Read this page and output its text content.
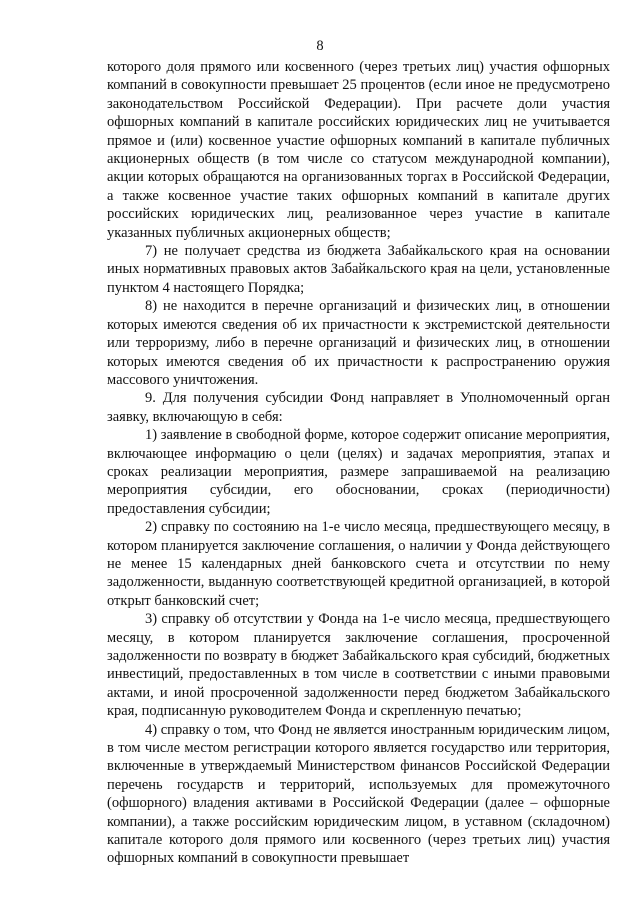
8

которого доля прямого или косвенного (через третьих лиц) участия офшорных компаний в совокупности превышает 25 процентов (если иное не предусмотрено законодательством Российской Федерации). При расчете доли участия офшорных компаний в капитале российских юридических лиц не учитывается прямое и (или) косвенное участие офшорных компаний в капитале публичных акционерных обществ (в том числе со статусом международной компании), акции которых обращаются на организованных торгах в Российской Федерации, а также косвенное участие таких офшорных компаний в капитале других российских юридических лиц, реализованное через участие в капитале указанных публичных акционерных обществ;

7) не получает средства из бюджета Забайкальского края на основании иных нормативных правовых актов Забайкальского края на цели, установленные пунктом 4 настоящего Порядка;

8) не находится в перечне организаций и физических лиц, в отношении которых имеются сведения об их причастности к экстремистской деятельности или терроризму, либо в перечне организаций и физических лиц, в отношении которых имеются сведения об их причастности к распространению оружия массового уничтожения.

9. Для получения субсидии Фонд направляет в Уполномоченный орган заявку, включающую в себя:

1) заявление в свободной форме, которое содержит описание мероприятия, включающее информацию о цели (целях) и задачах мероприятия, этапах и сроках реализации мероприятия, размере запрашиваемой на реализацию мероприятия субсидии, его обосновании, сроках (периодичности) предоставления субсидии;

2) справку по состоянию на 1-е число месяца, предшествующего месяцу, в котором планируется заключение соглашения, о наличии у Фонда действующего не менее 15 календарных дней банковского счета и отсутствии по нему задолженности, выданную соответствующей кредитной организацией, в которой открыт банковский счет;

3) справку об отсутствии у Фонда на 1-е число месяца, предшествующего месяцу, в котором планируется заключение соглашения, просроченной задолженности по возврату в бюджет Забайкальского края субсидий, бюджетных инвестиций, предоставленных в том числе в соответствии с иными правовыми актами, и иной просроченной задолженности перед бюджетом Забайкальского края, подписанную руководителем Фонда и скрепленную печатью;

4) справку о том, что Фонд не является иностранным юридическим лицом, в том числе местом регистрации которого является государство или территория, включенные в утверждаемый Министерством финансов Российской Федерации перечень государств и территорий, используемых для промежуточного (офшорного) владения активами в Российской Федерации (далее – офшорные компании), а также российским юридическим лицом, в уставном (складочном) капитале которого доля прямого или косвенного (через третьих лиц) участия офшорных компаний в совокупности превышает
